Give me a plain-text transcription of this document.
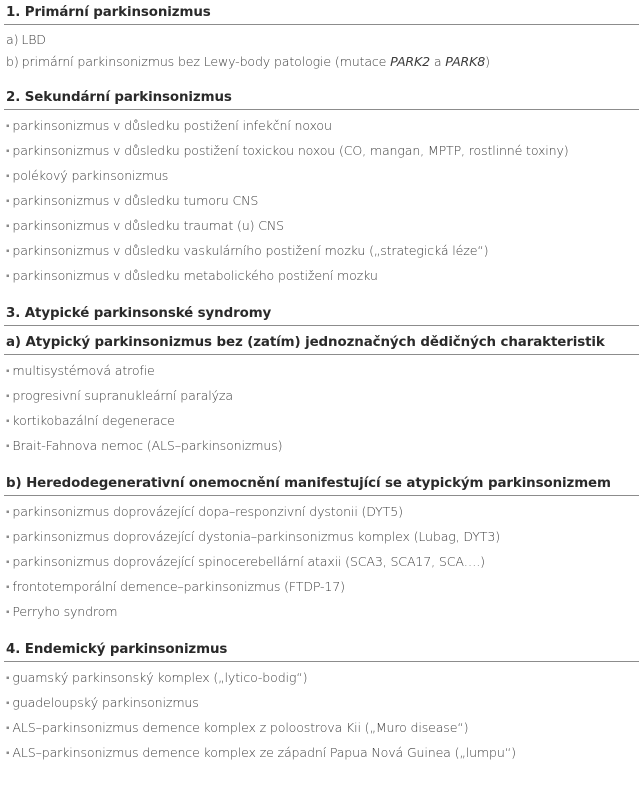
1. Primární parkinsonizmus
a) LBD
b) primární parkinsonizmus bez Lewy-body patologie (mutace PARK2 a PARK8)
2. Sekundární parkinsonizmus
▪ parkinsonizmus v důsledku postižení infekční noxou
▪ parkinsonizmus v důsledku postižení toxickou noxou (CO, mangan, MPTP, rostlinné toxiny)
▪ polékový parkinsonizmus
▪ parkinsonizmus v důsledku tumoru CNS
▪ parkinsonizmus v důsledku traumat (u) CNS
▪ parkinsonizmus v důsledku vaskulárního postižení mozku („strategická léze“)
▪ parkinsonizmus v důsledku metabolického postižení mozku
3. Atypické parkinsonské syndromy
a) Atypický parkinsonizmus bez (zatím) jednoznačných dědičných charakteristik
▪ multisystémová atrofie
▪ progresivní supranukleární paralýza
▪ kortikobazální degenerace
▪ Brait-Fahnova nemoc (ALS–parkinsonizmus)
b) Heredodegenerativní onemocnění manifestující se atypickým parkinsonizmem
▪ parkinsonizmus doprovázející dopa–responzivní dystonii (DYT5)
▪ parkinsonizmus doprovázející dystonia–parkinsonizmus komplex (Lubag, DYT3)
▪ parkinsonizmus doprovázející spinocerebellární ataxii (SCA3, SCA17, SCA….)
▪ frontotemporální demence–parkinsonizmus (FTDP-17)
▪ Perryho syndrom
4. Endemický parkinsonizmus
▪ guamský parkinsonský komplex („lytico-bodig“)
▪ guadeloupský parkinsonizmus
▪ ALS–parkinsonizmus demence komplex z poloostrova Kii („Muro disease“)
▪ ALS–parkinsonizmus demence komplex ze západní Papua Nová Guinea („lumpu“)
